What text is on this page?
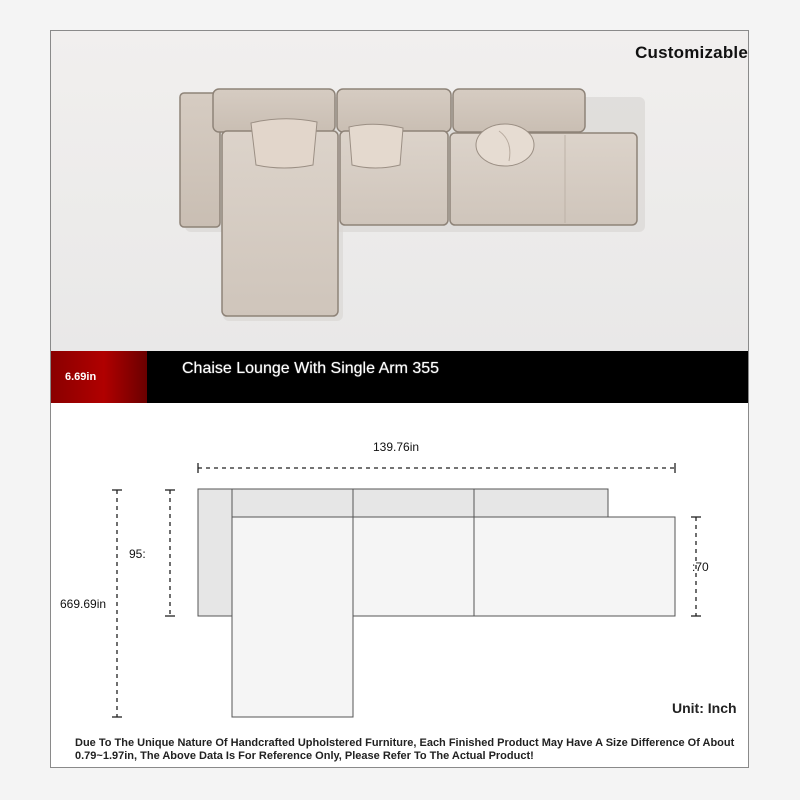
Customizable
6.69in	Chaise Lounge With Single Arm 355
139.76in
95:
669.69in
:70
Unit: Inch
Due To The Unique Nature Of Handcrafted Upholstered Furniture, Each Finished Product May Have A Size Difference Of About 0.79~1.97in, The Above Data Is For Reference Only, Please Refer To The Actual Product!
